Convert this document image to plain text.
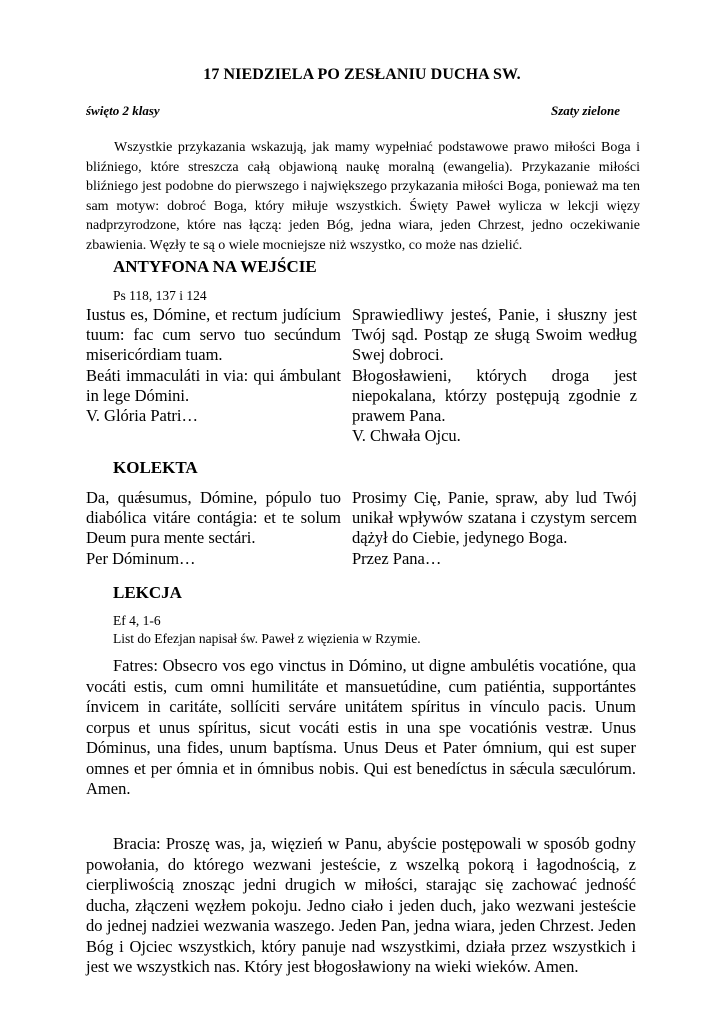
17 NIEDZIELA PO ZESŁANIU DUCHA SW.
święto 2 klasy	Szaty zielone
Wszystkie przykazania wskazują, jak mamy wypełniać podstawowe prawo miłości Boga i bliźniego, które streszcza całą objawioną naukę moralną (ewangelia). Przykazanie miłości bliźniego jest podobne do pierwszego i największego przykazania miłości Boga, ponieważ ma ten sam motyw: dobroć Boga, który miłuje wszystkich. Święty Paweł wylicza w lekcji więzy nadprzyrodzone, które nas łączą: jeden Bóg, jedna wiara, jeden Chrzest, jedno oczekiwanie zbawienia. Węzły te są o wiele mocniejsze niż wszystko, co może nas dzielić.
ANTYFONA NA WEJŚCIE
Ps 118, 137 i 124

Iustus es, Dómine, et rectum judícium tuum: fac cum servo tuo secúndum misericórdiam tuam.

Beáti immaculáti in via: qui ámbulant in lege Dómini.

V. Glória Patri…

Sprawiedliwy jesteś, Panie, i słuszny jest Twój sąd. Postąp ze sługą Swoim według Swej dobroci.

Błogosławieni, których droga jest niepokalana, którzy postępują zgodnie z prawem Pana.

V. Chwała Ojcu.

KOLEKTA

Da, quǽsumus, Dómine, pópulo tuo diabólica vitáre contágia: et te solum Deum pura mente sectári.

Per Dóminum…

Prosimy Cię, Panie, spraw, aby lud Twój unikał wpływów szatana i czystym sercem dążył do Ciebie, jedynego Boga.

Przez Pana…

LEKCJA
Ef 4, 1-6
List do Efezjan napisał św. Paweł z więzienia w Rzymie.
Fatres: Obsecro vos ego vinctus in Dómino, ut digne ambulétis vocatióne, qua vocáti estis, cum omni humilitáte et mansuetúdine, cum patiéntia, supportántes ínvicem in caritáte, sollíciti serváre unitátem spíritus in vínculo pacis. Unum corpus et unus spíritus, sicut vocáti estis in una spe vocatiónis vestræ. Unus Dóminus, una fides, unum baptísma. Unus Deus et Pater ómnium, qui est super omnes et per ómnia et in ómnibus nobis. Qui est benedíctus in sǽcula sæculórum. Amen.
Bracia: Proszę was, ja, więzień w Panu, abyście postępowali w sposób godny powołania, do którego wezwani jesteście, z wszelką pokorą i łagodnością, z cierpliwością znosząc jedni drugich w miłości, starając się zachować jedność ducha, złączeni węzłem pokoju. Jedno ciało i jeden duch, jako wezwani jesteście do jednej nadziei wezwania waszego. Jeden Pan, jedna wiara, jeden Chrzest. Jeden Bóg i Ojciec wszystkich, który panuje nad wszystkimi, działa przez wszystkich i jest we wszystkich nas. Który jest błogosławiony na wieki wieków. Amen.
